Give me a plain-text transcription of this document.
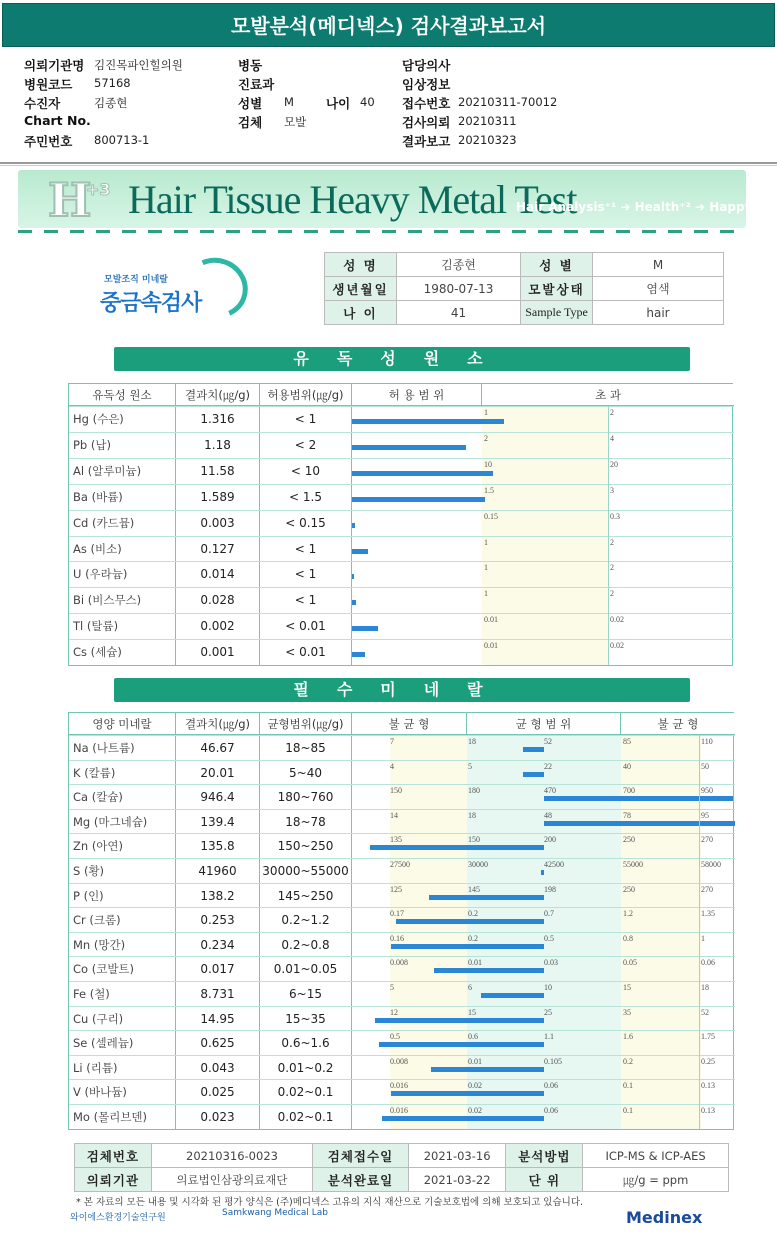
모발분석(메디넥스) 검사결과보고서
의뢰기관명 김진목파인힐의원
병원코드 57168
수진자	김종현
Chart No.
주민번호 800713-1
병동
진료과
성별 M
검체 모발
담당의사
임상정보
접수번호 20210311-70012
검사의뢰 20210311
결과보고 20210323
나이 40
H
+3 Hair Tissue Heavy Metal Test
Hair Analysis⁺¹ ➔ Health⁺² ➔ Happy⁺³
모발조직 미네랄
중금속검사
성 명	김종현	성 별	M
생년월일	1980-07-13	모발상태	염색
나 이	41	Sample Type	hair
유독성원소
유독성 원소	결과치(㎍/g)	허용범위(㎍/g)	허 용 범 위	초 과
Hg (수은)	1.316	< 1	1	2
Pb (납)	1.18	< 2	2	4
Al (알루미늄)	11.58	< 10	10	20
Ba (바륨)	1.589	< 1.5	1.5	3
Cd (카드뮴)	0.003	< 0.15	0.15	0.3
As (비소)	0.127	< 1	1	2
U (우라늄)	0.014	< 1	1	2
Bi (비스무스)	0.028	< 1	1	2
Tl (탈륨)	0.002	< 0.01	0.01	0.02
Cs (세슘)	0.001	< 0.01	0.01	0.02
필수미네랄
영양 미네랄	결과치(㎍/g)	균형범위(㎍/g)	불 균 형	균 형 범 위	불 균 형
Na (나트륨)	46.67	18~85	7	18	52	85	110
K (칼륨)	20.01	5~40	4	5	22	40	50
Ca (칼슘)	946.4	180~760	150	180	470	700	950
Mg (마그네슘)	139.4	18~78	14	18	48	78	95
Zn (아연)	135.8	150~250	135	150	200	250	270
S (황)	41960	30000~55000	27500	30000	42500	55000	58000
P (인)	138.2	145~250	125	145	198	250	270
Cr (크롬)	0.253	0.2~1.2	0.17	0.2	0.7	1.2	1.35
Mn (망간)	0.234	0.2~0.8	0.16	0.2	0.5	0.8	1
Co (코발트)	0.017	0.01~0.05	0.008	0.01	0.03	0.05	0.06
Fe (철)	8.731	6~15	5	6	10	15	18
Cu (구리)	14.95	15~35	12	15	25	35	52
Se (셀레늄)	0.625	0.6~1.6	0.5	0.6	1.1	1.6	1.75
Li (리튬)	0.043	0.01~0.2	0.008	0.01	0.105	0.2	0.25
V (바나듐)	0.025	0.02~0.1	0.016	0.02	0.06	0.1	0.13
Mo (몰리브덴)	0.023	0.02~0.1	0.016	0.02	0.06	0.1	0.13
검체번호	20210316-0023	검체접수일	2021-03-16	분석방법	ICP-MS & ICP-AES
의뢰기관	의료법인삼광의료재단	분석완료일	2021-03-22	단 위	㎍/g = ppm
* 본 자료의 모든 내용 및 시각화 된 평가 양식은 (주)메디넥스 고유의 지식 재산으로 기술보호법에 의해 보호되고 있습니다.
와이에스환경기술연구원	Samkwang Medical Lab	Medinex
